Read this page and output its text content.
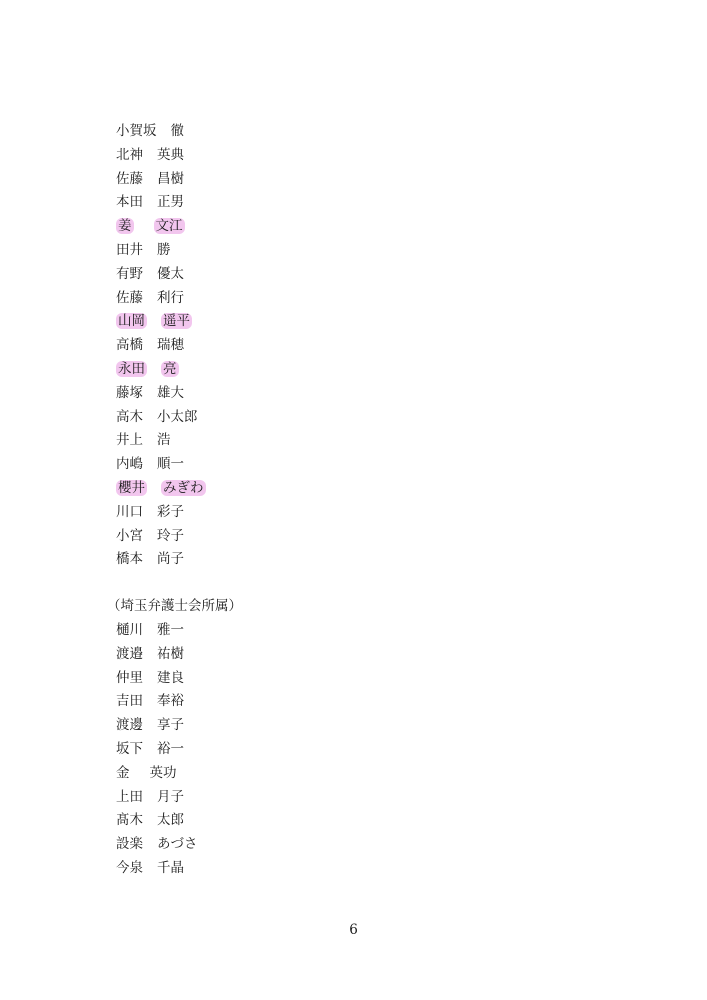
小賀坂 徹
北神 英典
佐藤 昌樹
本田 正男
姜 文江
田井 勝
有野 優太
佐藤 利行
山岡 遥平
高橋 瑞穂
永田 亮
藤塚 雄大
高木 小太郎
井上 浩
内嶋 順一
櫻井 みぎわ
川口 彩子
小宮 玲子
橋本 尚子

（埼玉弁護士会所属）

樋川 雅一
渡邉 祐樹
仲里 建良
吉田 奉裕
渡邊 享子
坂下 裕一
金 英功
上田 月子
髙木 太郎
設楽 あづさ
今泉 千晶
6
